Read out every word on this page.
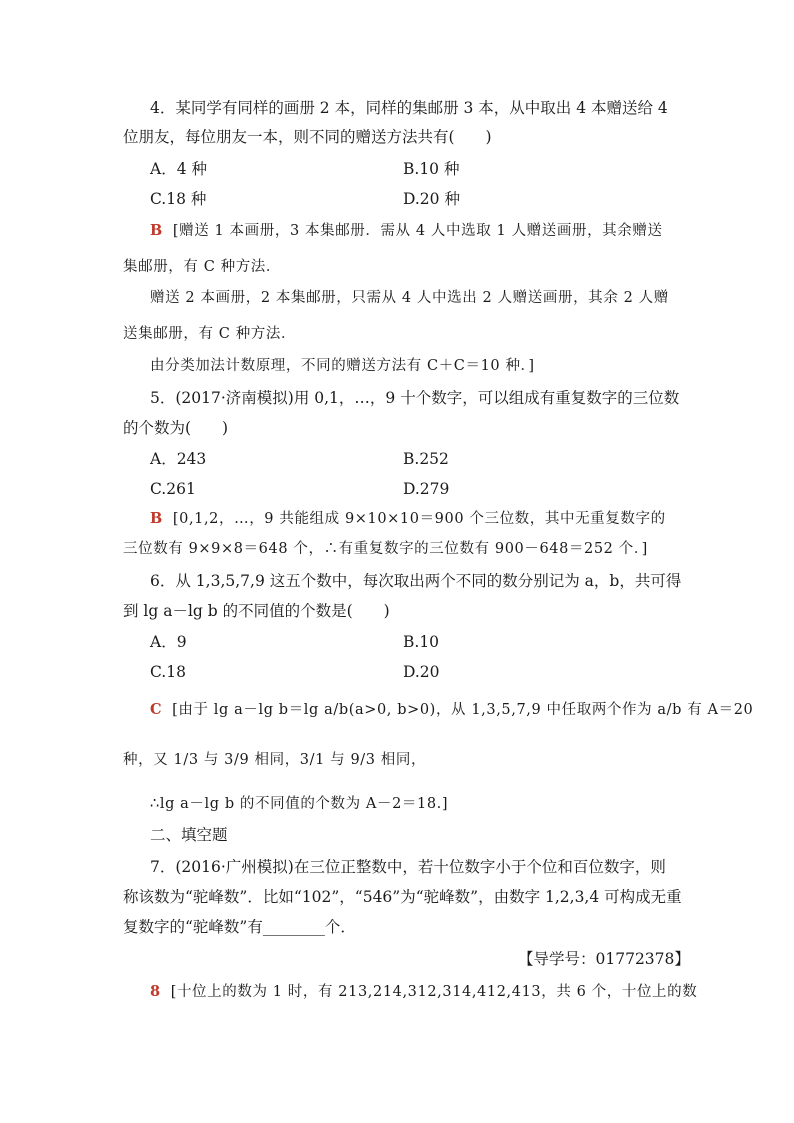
4．某同学有同样的画册 2 本，同样的集邮册 3 本，从中取出 4 本赠送给 4
位朋友，每位朋友一本，则不同的赠送方法共有(　　)
A．4 种	B.10 种
C.18 种	D.20 种
B [赠送 1 本画册，3 本集邮册．需从 4 人中选取 1 人赠送画册，其余赠送
集邮册，有 C 种方法．
赠送 2 本画册，2 本集邮册，只需从 4 人中选出 2 人赠送画册，其余 2 人赠
送集邮册，有 C 种方法．
由分类加法计数原理，不同的赠送方法有 C＋C＝10 种．]
5．(2017·济南模拟)用 0,1，…，9 十个数字，可以组成有重复数字的三位数
的个数为(　　)
A．243	B.252
C.261	D.279
B [0,1,2，…，9 共能组成 9×10×10＝900 个三位数，其中无重复数字的
三位数有 9×9×8＝648 个，∴有重复数字的三位数有 900－648＝252 个．]
6．从 1,3,5,7,9 这五个数中，每次取出两个不同的数分别记为 a，b，共可得
到 lg a－lg b 的不同值的个数是(　　)
A．9	B.10
C.18	D.20
C [由于 lg a－lg b＝lg a/b(a>0, b>0)，从 1,3,5,7,9 中任取两个作为 a/b 有 A＝20
种，又 1/3 与 3/9 相同，3/1 与 9/3 相同，
∴lg a－lg b 的不同值的个数为 A－2＝18.]
二、填空题
7．(2016·广州模拟)在三位正整数中，若十位数字小于个位和百位数字，则
称该数为“驼峰数”．比如“102”，“546”为“驼峰数”，由数字 1,2,3,4 可构成无重
复数字的“驼峰数”有________个．
【导学号：01772378】
8 [十位上的数为 1 时，有 213,214,312,314,412,413，共 6 个，十位上的数
